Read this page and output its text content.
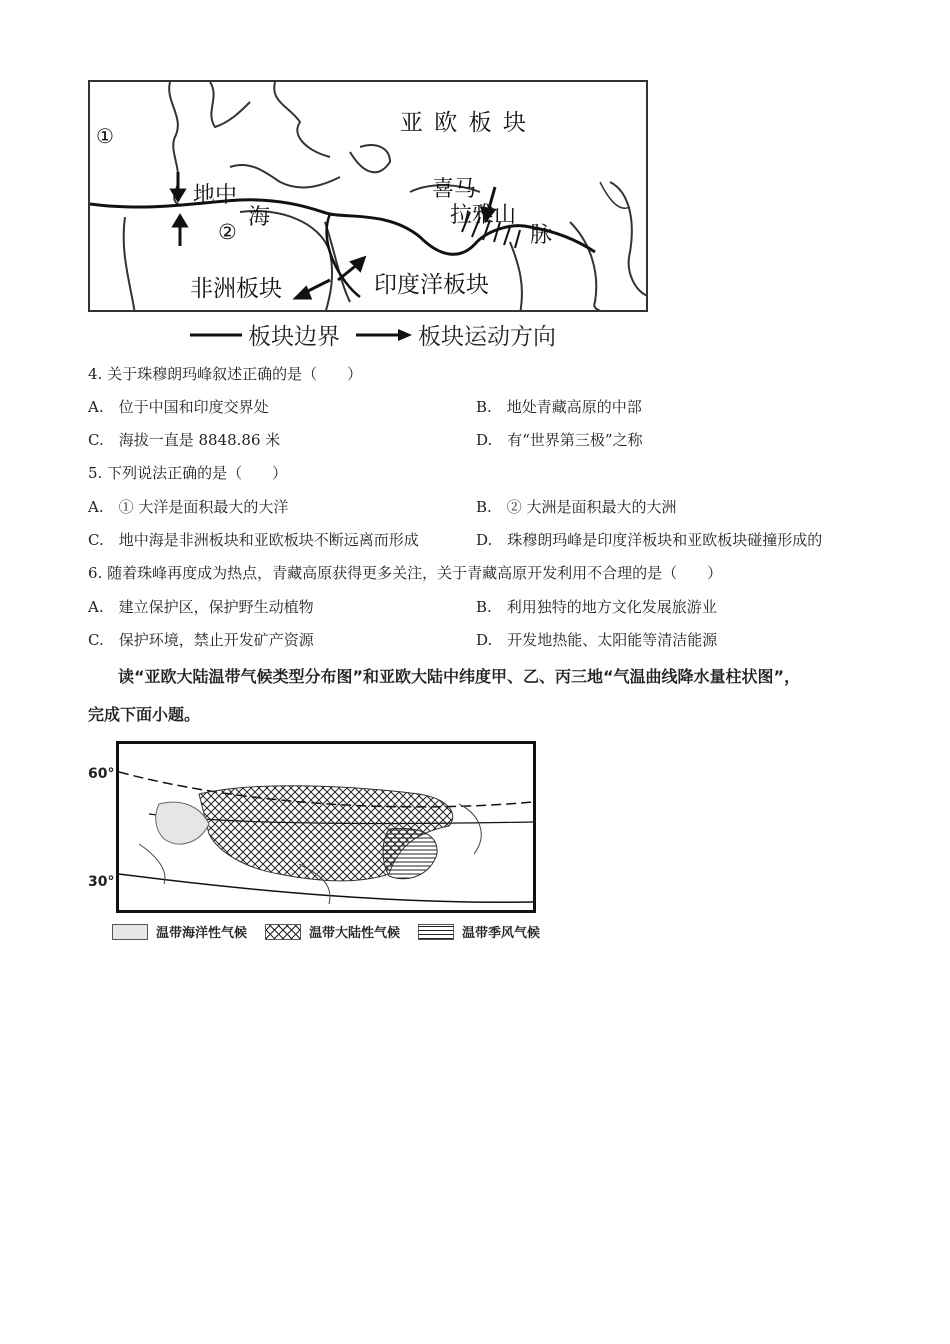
①	亚 欧 板 块
地中
海
②
喜马
拉雅山
脉
非洲板块	印度洋板块
板块边界	板块运动方向
4. 关于珠穆朗玛峰叙述正确的是（　　）
A.　位于中国和印度交界处	B.　地处青藏高原的中部
C.　海拔一直是 8848.86 米	D.　有“世界第三极”之称
5. 下列说法正确的是（　　）
A.　① 大洋是面积最大的大洋	B.　② 大洲是面积最大的大洲
C.　地中海是非洲板块和亚欧板块不断远离而形成	D.　珠穆朗玛峰是印度洋板块和亚欧板块碰撞形成的
6. 随着珠峰再度成为热点，青藏高原获得更多关注，关于青藏高原开发利用不合理的是（　　）
A.　建立保护区，保护野生动植物	B.　利用独特的地方文化发展旅游业
C.　保护环境，禁止开发矿产资源	D.　开发地热能、太阳能等清洁能源
读“亚欧大陆温带气候类型分布图”和亚欧大陆中纬度甲、乙、丙三地“气温曲线降水量柱状图”，
完成下面小题。
60°
30°
温带海洋性气候	温带大陆性气候	温带季风气候
